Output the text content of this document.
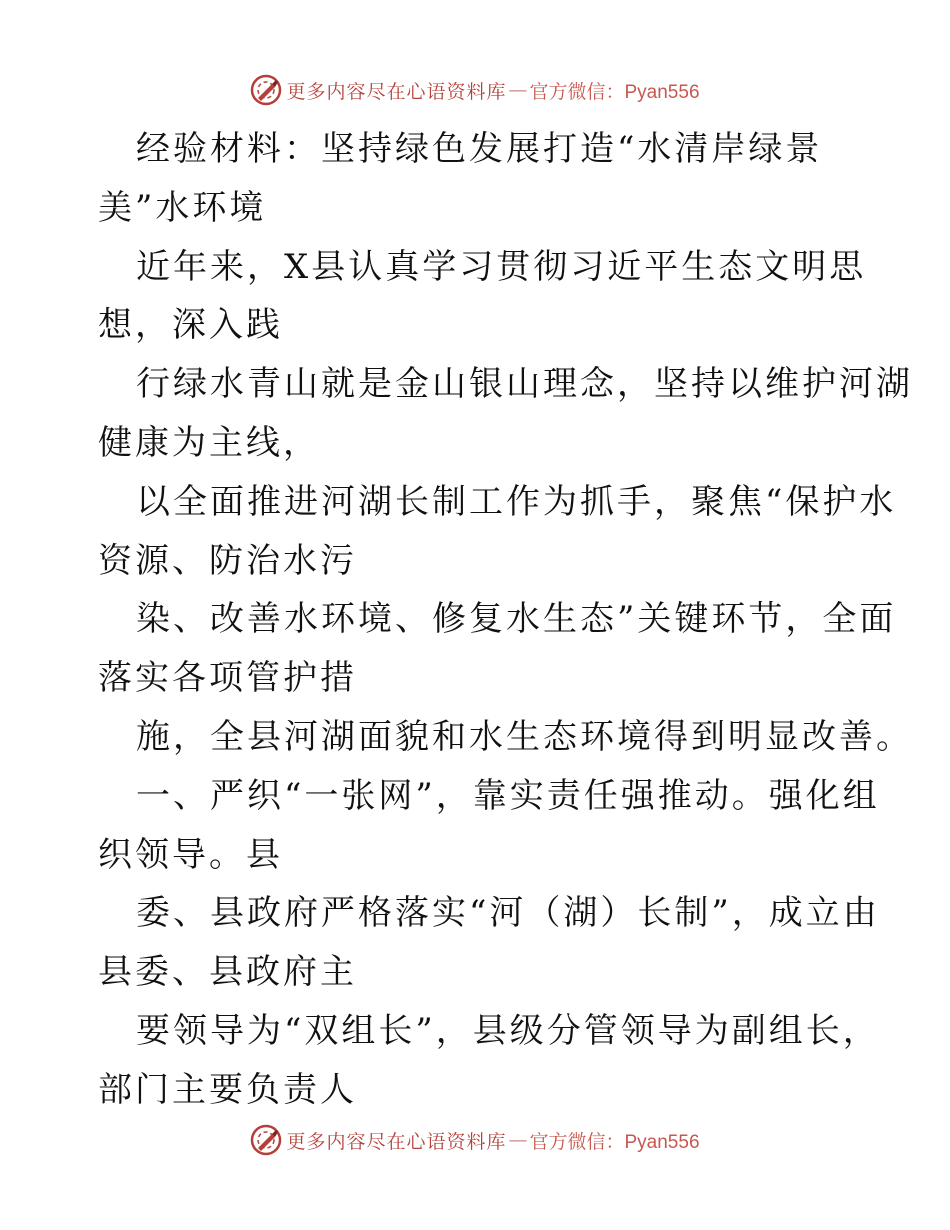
更多内容尽在心语资料库 — 官方微信：Pyan556
经验材料：坚持绿色发展打造“水清岸绿景
美”水环境
近年来，X县认真学习贯彻习近平生态文明思
想，深入践
行绿水青山就是金山银山理念，坚持以维护河湖
健康为主线，
以全面推进河湖长制工作为抓手，聚焦“保护水
资源、防治水污
染、改善水环境、修复水生态”关键环节，全面
落实各项管护措
施，全县河湖面貌和水生态环境得到明显改善。
一、严织“一张网”，靠实责任强推动。强化组
织领导。县
委、县政府严格落实“河（湖）长制”，成立由
县委、县政府主
要领导为“双组长”，县级分管领导为副组长，
部门主要负责人
更多内容尽在心语资料库 — 官方微信：Pyan556
